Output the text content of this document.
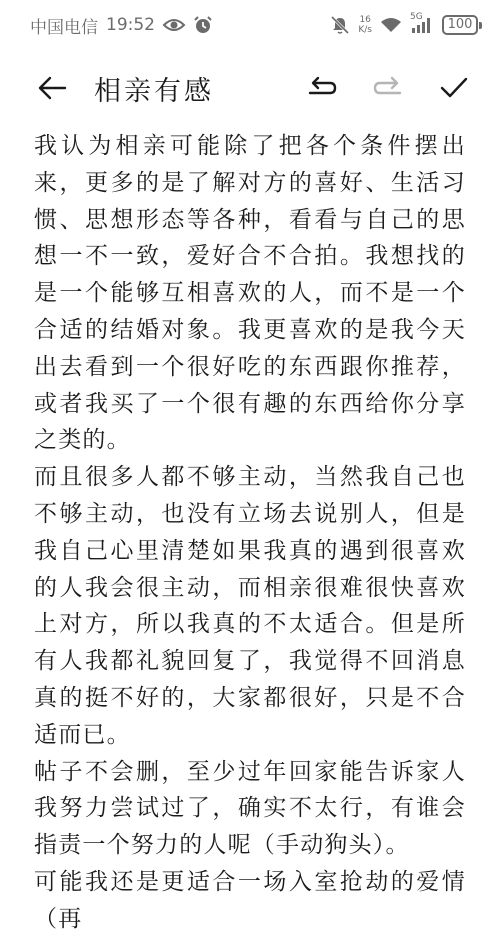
中国电信 19:52	16
K/s
5G	100
相亲有感

我认为相亲可能除了把各个条件摆出来，更多的是了解对方的喜好、生活习惯、思想形态等各种，看看与自己的思想一不一致，爱好合不合拍。我想找的是一个能够互相喜欢的人，而不是一个合适的结婚对象。我更喜欢的是我今天出去看到一个很好吃的东西跟你推荐，或者我买了一个很有趣的东西给你分享之类的。

而且很多人都不够主动，当然我自己也不够主动，也没有立场去说别人，但是我自己心里清楚如果我真的遇到很喜欢的人我会很主动，而相亲很难很快喜欢上对方，所以我真的不太适合。但是所有人我都礼貌回复了，我觉得不回消息真的挺不好的，大家都很好，只是不合适而已。

帖子不会删，至少过年回家能告诉家人我努力尝试过了，确实不太行，有谁会指责一个努力的人呢（手动狗头）。

可能我还是更适合一场入室抢劫的爱情（再
